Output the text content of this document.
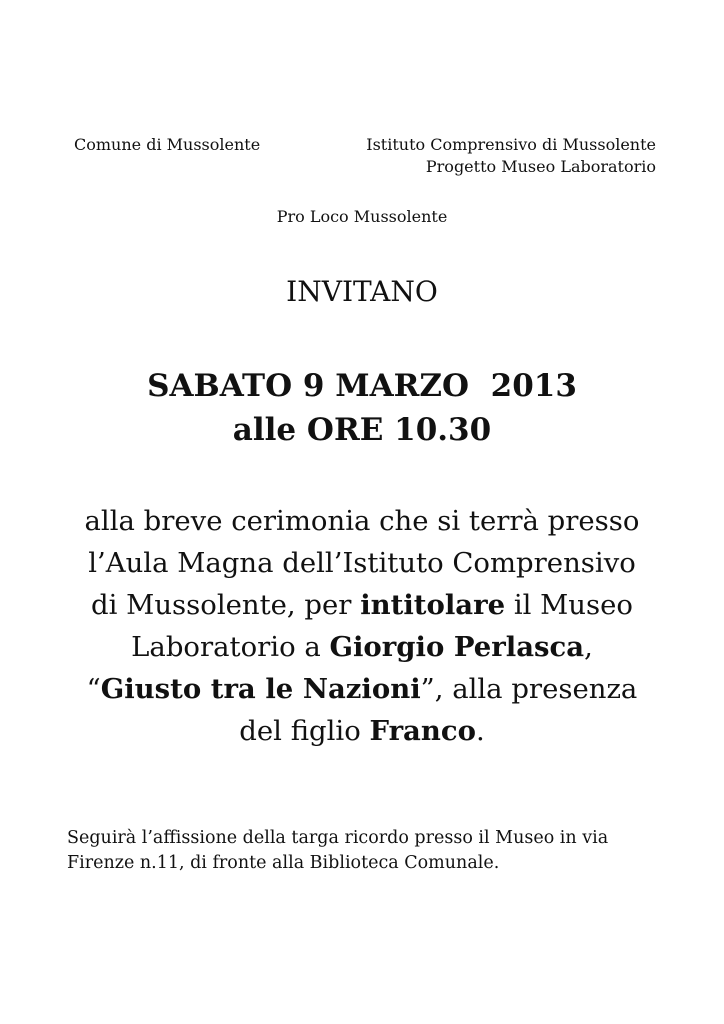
Comune di Mussolente	Istituto Comprensivo di Mussolente
Progetto Museo Laboratorio
Pro Loco Mussolente
INVITANO
SABATO 9 MARZO  2013
alle ORE 10.30
alla breve cerimonia che si terrà presso
l’Aula Magna dell’Istituto Comprensivo
di Mussolente, per intitolare il Museo
Laboratorio a Giorgio Perlasca,
“Giusto tra le Nazioni”, alla presenza
del figlio Franco.
Seguirà l’affissione della targa ricordo presso il Museo in via
Firenze n.11, di fronte alla Biblioteca Comunale.
